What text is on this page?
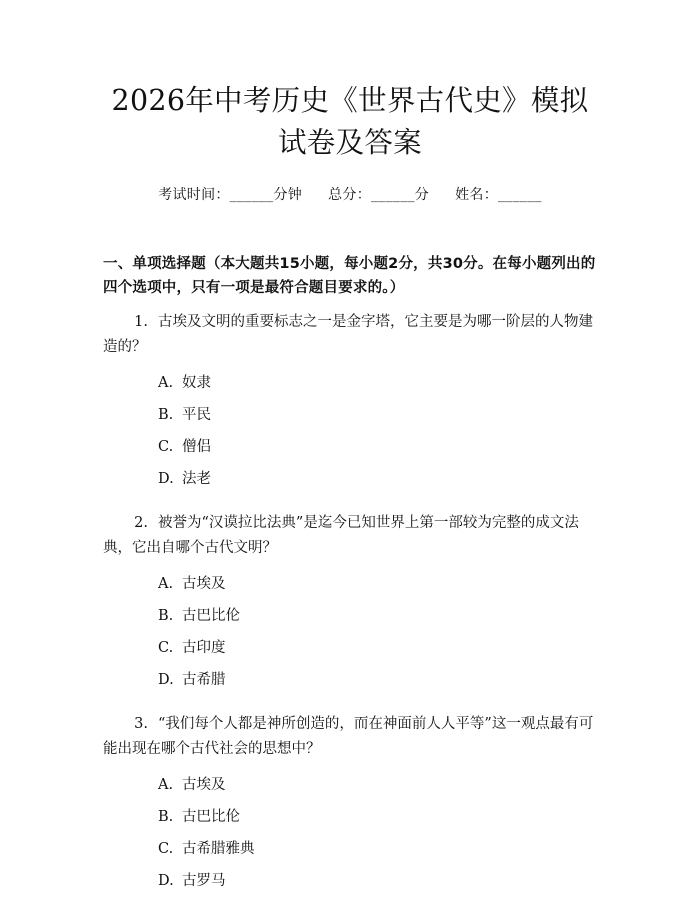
2026年中考历史《世界古代史》模拟试卷及答案
考试时间：______分钟 总分：______分 姓名：______
一、单项选择题（本大题共15小题，每小题2分，共30分。在每小题列出的四个选项中，只有一项是最符合题目要求的。）
1. 古埃及文明的重要标志之一是金字塔，它主要是为哪一阶层的人物建造的？
A. 奴隶
B. 平民
C. 僧侣
D. 法老
2. 被誉为“汉谟拉比法典”是迄今已知世界上第一部较为完整的成文法典，它出自哪个古代文明？
A. 古埃及
B. 古巴比伦
C. 古印度
D. 古希腊
3. “我们每个人都是神所创造的，而在神面前人人平等”这一观点最有可能出现在哪个古代社会的思想中？
A. 古埃及
B. 古巴比伦
C. 古希腊雅典
D. 古罗马
